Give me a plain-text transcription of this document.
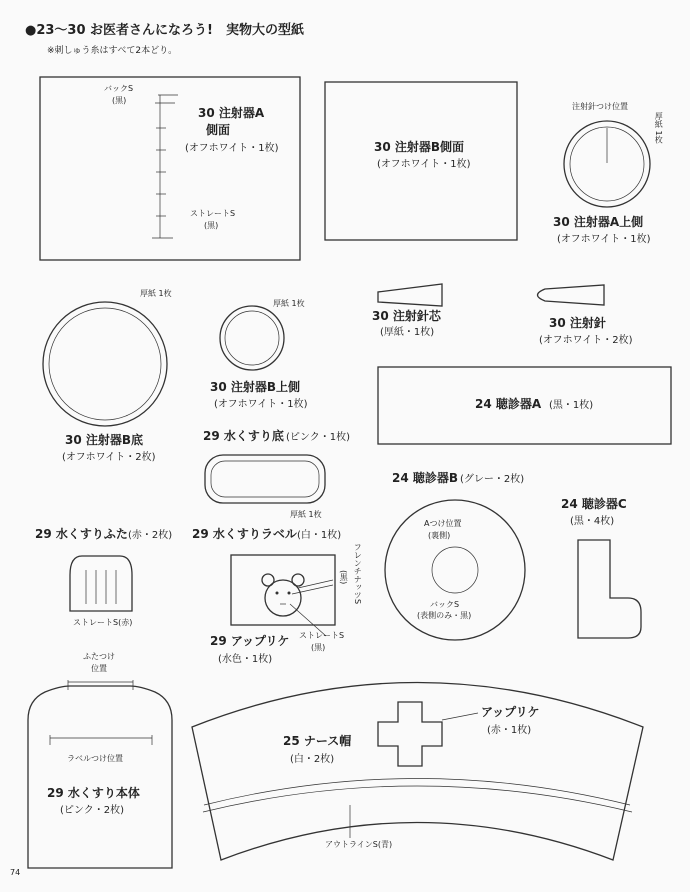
●23〜30 お医者さんになろう!　実物大の型紙
※刺しゅう糸はすべて2本どり。
バックS
(黒)
30 注射器A
側面
(オフホワイト・1枚)
ストレートS
(黒)
30 注射器B側面
(オフホワイト・1枚)
注射針つけ位置
厚紙 1枚
30 注射器A上側
(オフホワイト・1枚)
厚紙 1枚
30 注射器B底
(オフホワイト・2枚)
厚紙 1枚
30 注射器B上側
(オフホワイト・1枚)
30 注射針芯
(厚紙・1枚)
30 注射針
(オフホワイト・2枚)
24 聴診器A (黒・1枚)
29 水くすり底 (ピンク・1枚)
厚紙 1枚
24 聴診器B (グレー・2枚)
Aつけ位置
(裏側)
バックS
(表側のみ・黒)
24 聴診器C
(黒・4枚)
29 水くすりふた (赤・2枚)
ストレートS(赤)
29 水くすりラベル (白・1枚)
フレンチナッツS
(黒)
29 アップリケ
(水色・1枚)
ストレートS
(黒)
ふたつけ
位置
ラベルつけ位置
29 水くすり本体
(ピンク・2枚)
25 ナース帽
(白・2枚)
アウトラインS(青)
アップリケ
(赤・1枚)
74
